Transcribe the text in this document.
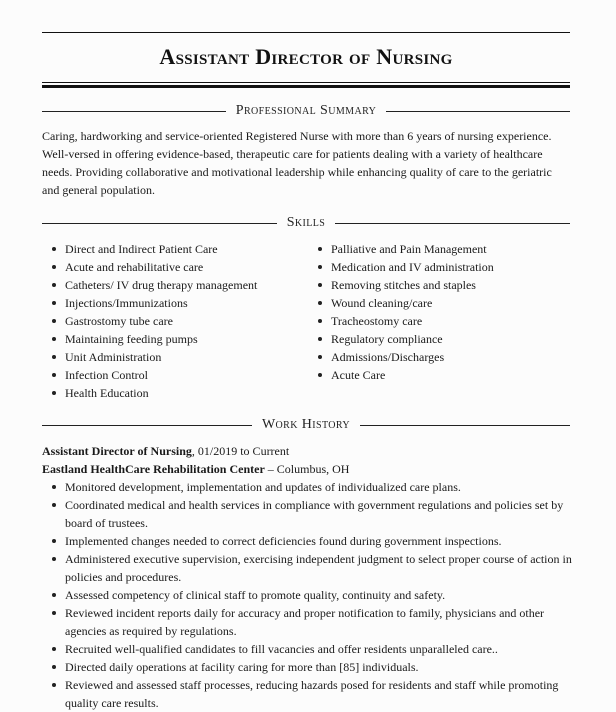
Assistant Director of Nursing
Professional Summary

Caring, hardworking and service-oriented Registered Nurse with more than 6 years of nursing experience. Well-versed in offering evidence-based, therapeutic care for patients dealing with a variety of healthcare needs. Providing collaborative and motivational leadership while enhancing quality of care to the geriatric and general population.

Skills
Direct and Indirect Patient Care
Acute and rehabilitative care
Catheters/ IV drug therapy management
Injections/Immunizations
Gastrostomy tube care
Maintaining feeding pumps
Unit Administration
Infection Control
Health Education
Palliative and Pain Management
Medication and IV administration
Removing stitches and staples
Wound cleaning/care
Tracheostomy care
Regulatory compliance
Admissions/Discharges
Acute Care
Work History
Assistant Director of Nursing, 01/2019 to Current
Eastland HealthCare Rehabilitation Center – Columbus, OH
Monitored development, implementation and updates of individualized care plans.
Coordinated medical and health services in compliance with government regulations and policies set by board of trustees.
Implemented changes needed to correct deficiencies found during government inspections.
Administered executive supervision, exercising independent judgment to select proper course of action in policies and procedures.
Assessed competency of clinical staff to promote quality, continuity and safety.
Reviewed incident reports daily for accuracy and proper notification to family, physicians and other agencies as required by regulations.
Recruited well-qualified candidates to fill vacancies and offer residents unparalleled care..
Directed daily operations at facility caring for more than [85] individuals.
Reviewed and assessed staff processes, reducing hazards posed for residents and staff while promoting quality care results.
